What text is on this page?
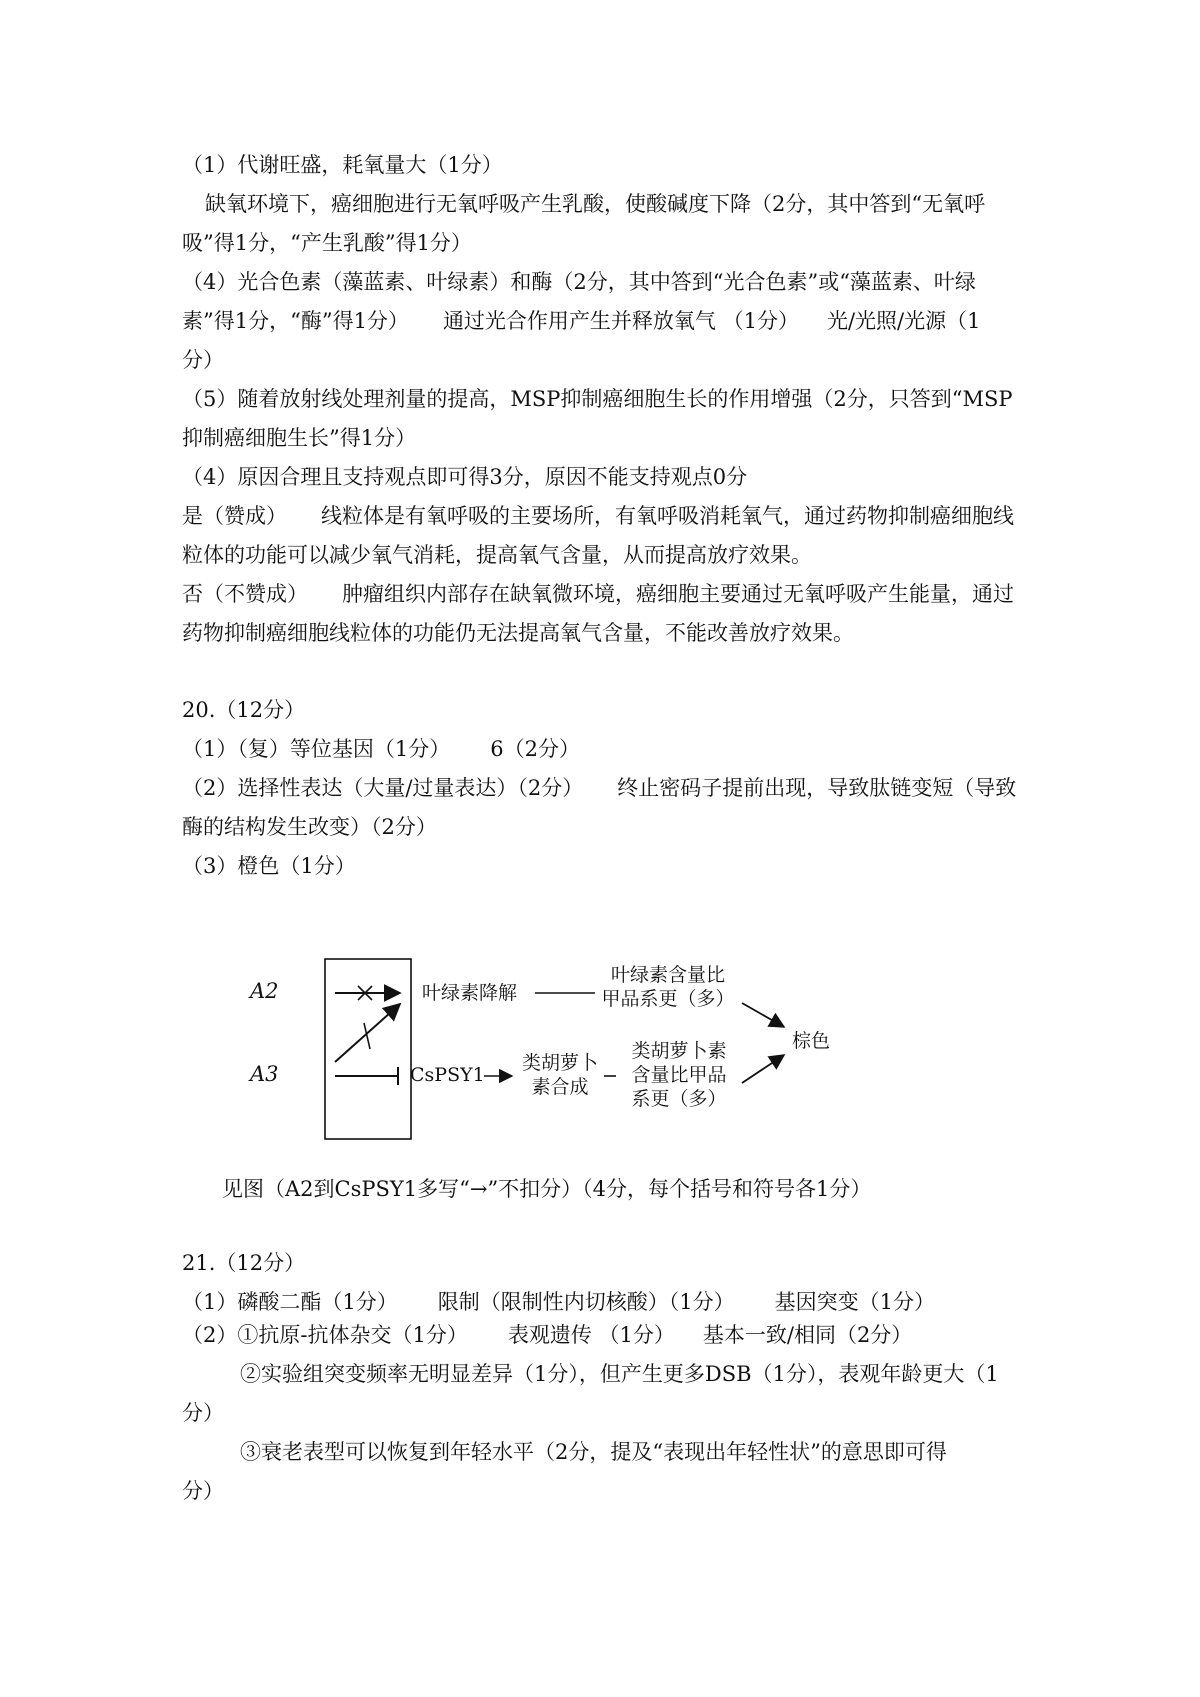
（1）代谢旺盛，耗氧量大（1分）
缺氧环境下，癌细胞进行无氧呼吸产生乳酸，使酸碱度下降（2分，其中答到“无氧呼
吸”得1分，“产生乳酸”得1分）
（4）光合色素（藻蓝素、叶绿素）和酶（2分，其中答到“光合色素”或“藻蓝素、叶绿
素”得1分，“酶”得1分） 通过光合作用产生并释放氧气 （1分） 光/光照/光源（1
分）
（5）随着放射线处理剂量的提高，MSP抑制癌细胞生长的作用增强（2分，只答到“MSP
抑制癌细胞生长”得1分）
（4）原因合理且支持观点即可得3分，原因不能支持观点0分
是（赞成） 线粒体是有氧呼吸的主要场所，有氧呼吸消耗氧气，通过药物抑制癌细胞线
粒体的功能可以减少氧气消耗，提高氧气含量，从而提高放疗效果。
否（不赞成） 肿瘤组织内部存在缺氧微环境，癌细胞主要通过无氧呼吸产生能量，通过
药物抑制癌细胞线粒体的功能仍无法提高氧气含量，不能改善放疗效果。
20.（12分）
（1）（复）等位基因（1分） 6（2分）
（2）选择性表达（大量/过量表达）（2分） 终止密码子提前出现，导致肽链变短（导致
酶的结构发生改变）（2分）
（3）橙色（1分）
A2
A3
叶绿素降解
叶绿素含量比
甲品系更（多）
棕色
CsPSY1
类胡萝卜
素合成
类胡萝卜素
含量比甲品
系更（多）
见图（A2到CsPSY1多写“→”不扣分）（4分，每个括号和符号各1分）
21.（12分）
（1）磷酸二酯（1分） 限制（限制性内切核酸）（1分） 基因突变（1分）
（2）①抗原-抗体杂交（1分） 表观遗传 （1分） 基本一致/相同（2分）
②实验组突变频率无明显差异（1分），但产生更多DSB（1分），表观年龄更大（1
分）
③衰老表型可以恢复到年轻水平（2分，提及“表现出年轻性状”的意思即可得
分）
